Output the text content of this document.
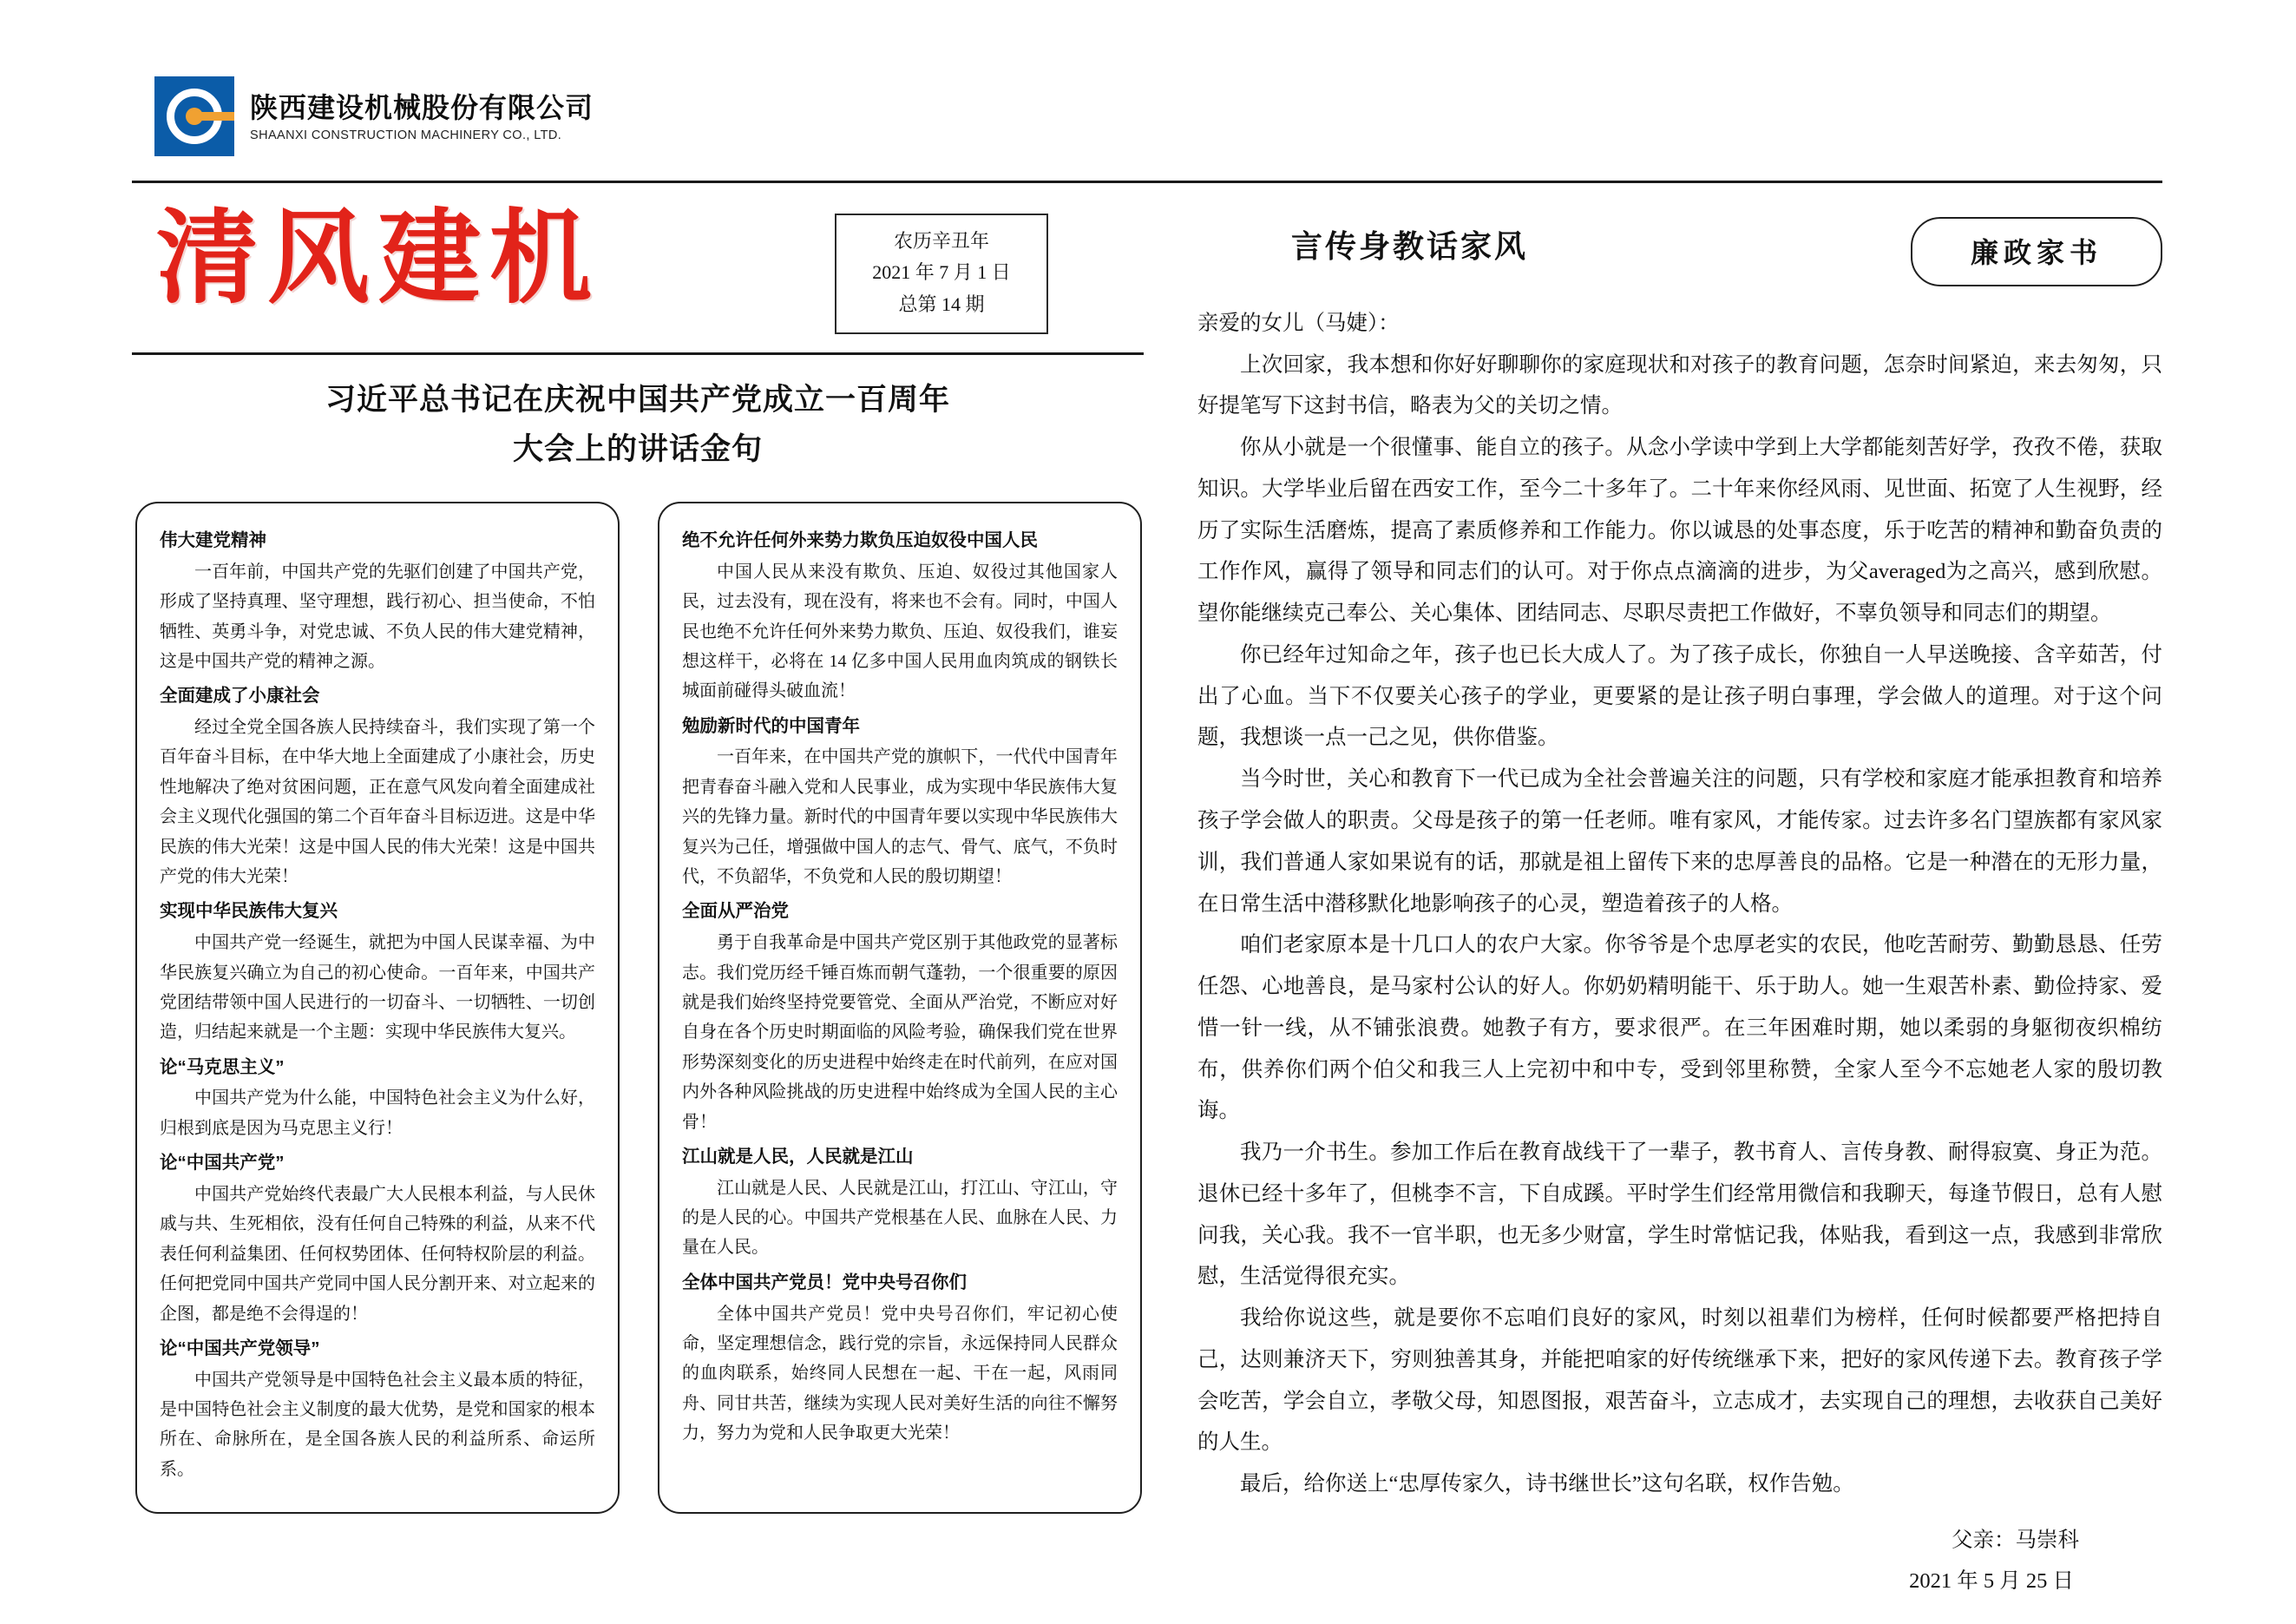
陕西建设机械股份有限公司
SHAANXI CONSTRUCTION MACHINERY CO., LTD.
清风建机	农历辛丑年
2021 年 7 月 1 日
总第 14 期
习近平总书记在庆祝中国共产党成立一百周年
大会上的讲话金句
伟大建党精神

一百年前，中国共产党的先驱们创建了中国共产党，形成了坚持真理、坚守理想，践行初心、担当使命，不怕牺牲、英勇斗争，对党忠诚、不负人民的伟大建党精神，这是中国共产党的精神之源。

全面建成了小康社会

经过全党全国各族人民持续奋斗，我们实现了第一个百年奋斗目标，在中华大地上全面建成了小康社会，历史性地解决了绝对贫困问题，正在意气风发向着全面建成社会主义现代化强国的第二个百年奋斗目标迈进。这是中华民族的伟大光荣！这是中国人民的伟大光荣！这是中国共产党的伟大光荣！

实现中华民族伟大复兴

中国共产党一经诞生，就把为中国人民谋幸福、为中华民族复兴确立为自己的初心使命。一百年来，中国共产党团结带领中国人民进行的一切奋斗、一切牺牲、一切创造，归结起来就是一个主题：实现中华民族伟大复兴。

论“马克思主义”

中国共产党为什么能，中国特色社会主义为什么好，归根到底是因为马克思主义行！

论“中国共产党”

中国共产党始终代表最广大人民根本利益，与人民休戚与共、生死相依，没有任何自己特殊的利益，从来不代表任何利益集团、任何权势团体、任何特权阶层的利益。任何把党同中国共产党同中国人民分割开来、对立起来的企图，都是绝不会得逞的！

论“中国共产党领导”

中国共产党领导是中国特色社会主义最本质的特征，是中国特色社会主义制度的最大优势，是党和国家的根本所在、命脉所在，是全国各族人民的利益所系、命运所系。

绝不允许任何外来势力欺负压迫奴役中国人民

中国人民从来没有欺负、压迫、奴役过其他国家人民，过去没有，现在没有，将来也不会有。同时，中国人民也绝不允许任何外来势力欺负、压迫、奴役我们，谁妄想这样干，必将在 14 亿多中国人民用血肉筑成的钢铁长城面前碰得头破血流！

勉励新时代的中国青年

一百年来，在中国共产党的旗帜下，一代代中国青年把青春奋斗融入党和人民事业，成为实现中华民族伟大复兴的先锋力量。新时代的中国青年要以实现中华民族伟大复兴为己任，增强做中国人的志气、骨气、底气，不负时代，不负韶华，不负党和人民的殷切期望！

全面从严治党

勇于自我革命是中国共产党区别于其他政党的显著标志。我们党历经千锤百炼而朝气蓬勃，一个很重要的原因就是我们始终坚持党要管党、全面从严治党，不断应对好自身在各个历史时期面临的风险考验，确保我们党在世界形势深刻变化的历史进程中始终走在时代前列，在应对国内外各种风险挑战的历史进程中始终成为全国人民的主心骨！

江山就是人民，人民就是江山

江山就是人民、人民就是江山，打江山、守江山，守的是人民的心。中国共产党根基在人民、血脉在人民、力量在人民。

全体中国共产党员！党中央号召你们

全体中国共产党员！党中央号召你们，牢记初心使命，坚定理想信念，践行党的宗旨，永远保持同人民群众的血肉联系，始终同人民想在一起、干在一起，风雨同舟、同甘共苦，继续为实现人民对美好生活的向往不懈努力，努力为党和人民争取更大光荣！

言传身教话家风	廉政家书
亲爱的女儿（马婕）：

上次回家，我本想和你好好聊聊你的家庭现状和对孩子的教育问题，怎奈时间紧迫，来去匆匆，只好提笔写下这封书信，略表为父的关切之情。

你从小就是一个很懂事、能自立的孩子。从念小学读中学到上大学都能刻苦好学，孜孜不倦，获取知识。大学毕业后留在西安工作，至今二十多年了。二十年来你经风雨、见世面、拓宽了人生视野，经历了实际生活磨炼，提高了素质修养和工作能力。你以诚恳的处事态度，乐于吃苦的精神和勤奋负责的工作作风，赢得了领导和同志们的认可。对于你点点滴滴的进步，为父averaged为之高兴，感到欣慰。望你能继续克己奉公、关心集体、团结同志、尽职尽责把工作做好，不辜负领导和同志们的期望。

你已经年过知命之年，孩子也已长大成人了。为了孩子成长，你独自一人早送晚接、含辛茹苦，付出了心血。当下不仅要关心孩子的学业，更要紧的是让孩子明白事理，学会做人的道理。对于这个问题，我想谈一点一己之见，供你借鉴。

当今时世，关心和教育下一代已成为全社会普遍关注的问题，只有学校和家庭才能承担教育和培养孩子学会做人的职责。父母是孩子的第一任老师。唯有家风，才能传家。过去许多名门望族都有家风家训，我们普通人家如果说有的话，那就是祖上留传下来的忠厚善良的品格。它是一种潜在的无形力量，在日常生活中潜移默化地影响孩子的心灵，塑造着孩子的人格。

咱们老家原本是十几口人的农户大家。你爷爷是个忠厚老实的农民，他吃苦耐劳、勤勤恳恳、任劳任怨、心地善良，是马家村公认的好人。你奶奶精明能干、乐于助人。她一生艰苦朴素、勤俭持家、爱惜一针一线，从不铺张浪费。她教子有方，要求很严。在三年困难时期，她以柔弱的身躯彻夜织棉纺布，供养你们两个伯父和我三人上完初中和中专，受到邻里称赞，全家人至今不忘她老人家的殷切教诲。

我乃一介书生。参加工作后在教育战线干了一辈子，教书育人、言传身教、耐得寂寞、身正为范。退休已经十多年了，但桃李不言，下自成蹊。平时学生们经常用微信和我聊天，每逢节假日，总有人慰问我，关心我。我不一官半职，也无多少财富，学生时常惦记我，体贴我，看到这一点，我感到非常欣慰，生活觉得很充实。

我给你说这些，就是要你不忘咱们良好的家风，时刻以祖辈们为榜样，任何时候都要严格把持自己，达则兼济天下，穷则独善其身，并能把咱家的好传统继承下来，把好的家风传递下去。教育孩子学会吃苦，学会自立，孝敬父母，知恩图报，艰苦奋斗，立志成才，去实现自己的理想，去收获自己美好的人生。

最后，给你送上“忠厚传家久，诗书继世长”这句名联，权作告勉。

父亲：马崇科
2021 年 5 月 25 日
